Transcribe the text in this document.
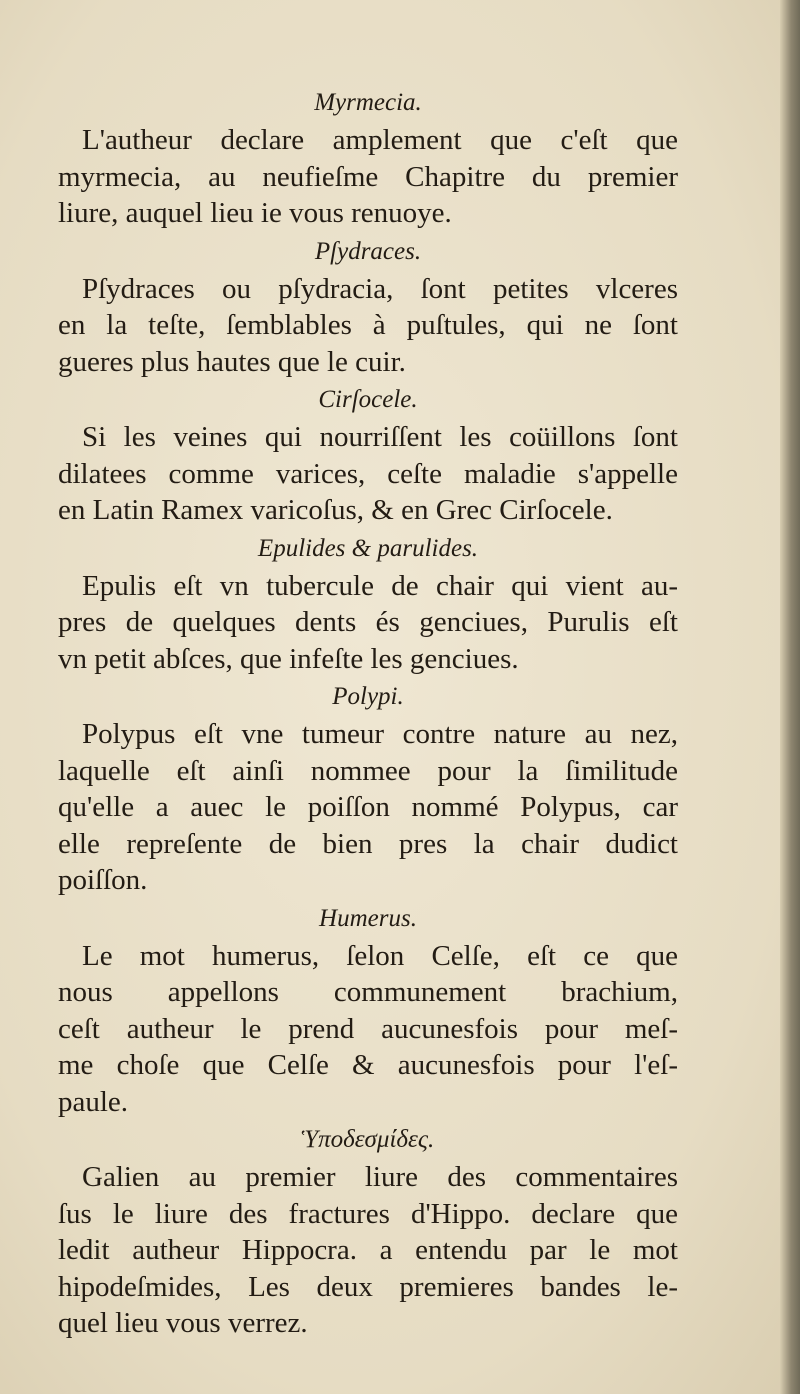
Myrmecia.

L'autheur declare amplement que c'eſt que
myrmecia, au neufieſme Chapitre du premier
liure, auquel lieu ie vous renuoye.

Pſydraces.

Pſydraces ou pſydracia, ſont petites vlceres
en la teſte, ſemblables à puſtules, qui ne ſont
gueres plus hautes que le cuir.

Cirſocele.

Si les veines qui nourriſſent les coüillons ſont
dilatees comme varices, ceſte maladie s'appelle
en Latin Ramex varicoſus, & en Grec Cirſocele.

Epulides & parulides.

Epulis eſt vn tubercule de chair qui vient au-
pres de quelques dents és genciues, Purulis eſt
vn petit abſces, que infeſte les genciues.

Polypi.

Polypus eſt vne tumeur contre nature au nez,
laquelle eſt ainſi nommee pour la ſimilitude
qu'elle a auec le poiſſon nommé Polypus, car
elle repreſente de bien pres la chair dudict
poiſſon.

Humerus.

Le mot humerus, ſelon Celſe, eſt ce que
nous appellons communement brachium,
ceſt autheur le prend aucunesfois pour meſ-
me choſe que Celſe & aucunesfois pour l'eſ-
paule.

Ὑποδεσμίδες.

Galien au premier liure des commentaires
ſus le liure des fractures d'Hippo. declare que
ledit autheur Hippocra. a entendu par le mot
hipodeſmides, Les deux premieres bandes le-
quel lieu vous verrez.
